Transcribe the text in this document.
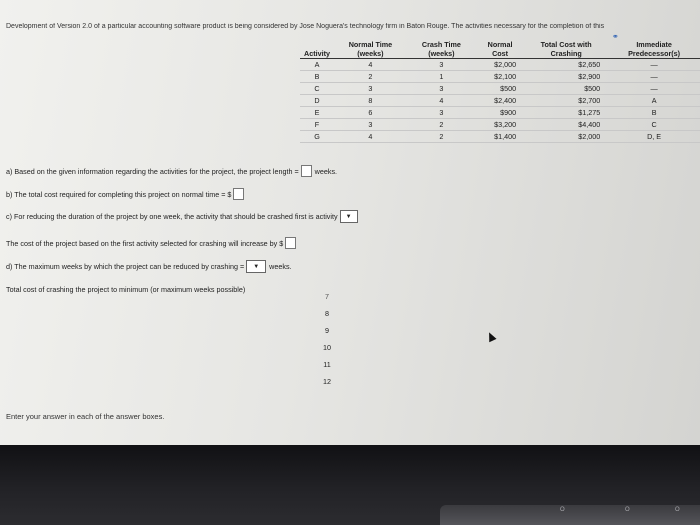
Development of Version 2.0 of a particular accounting software product is being considered by Jose Noguera's technology firm in Baton Rouge. The activities necessary for the completion of this
⚭
Activity	Normal Time (weeks)	Crash Time (weeks)	Normal Cost	Total Cost with Crashing	Immediate Predecessor(s)
A	4	3	$2,000	$2,650	—
B	2	1	$2,100	$2,900	—
C	3	3	$500	$500	—
D	8	4	$2,400	$2,700	A
E	6	3	$900	$1,275	B
F	3	2	$3,200	$4,400	C
G	4	2	$1,400	$2,000	D, E
a) Based on the given information regarding the activities for the project, the project length = weeks.
b) The total cost required for completing this project on normal time = $
c) For reducing the duration of the project by one week, the activity that should be crashed first is activity	▼
The cost of the project based on the first activity selected for crashing will increase by $
d) The maximum weeks by which the project can be reduced by crashing =	▼	weeks.
Total cost of crashing the project to minimum (or maximum weeks possible)
7
8
9
10
11
12
Enter your answer in each of the answer boxes.
O	O	O
